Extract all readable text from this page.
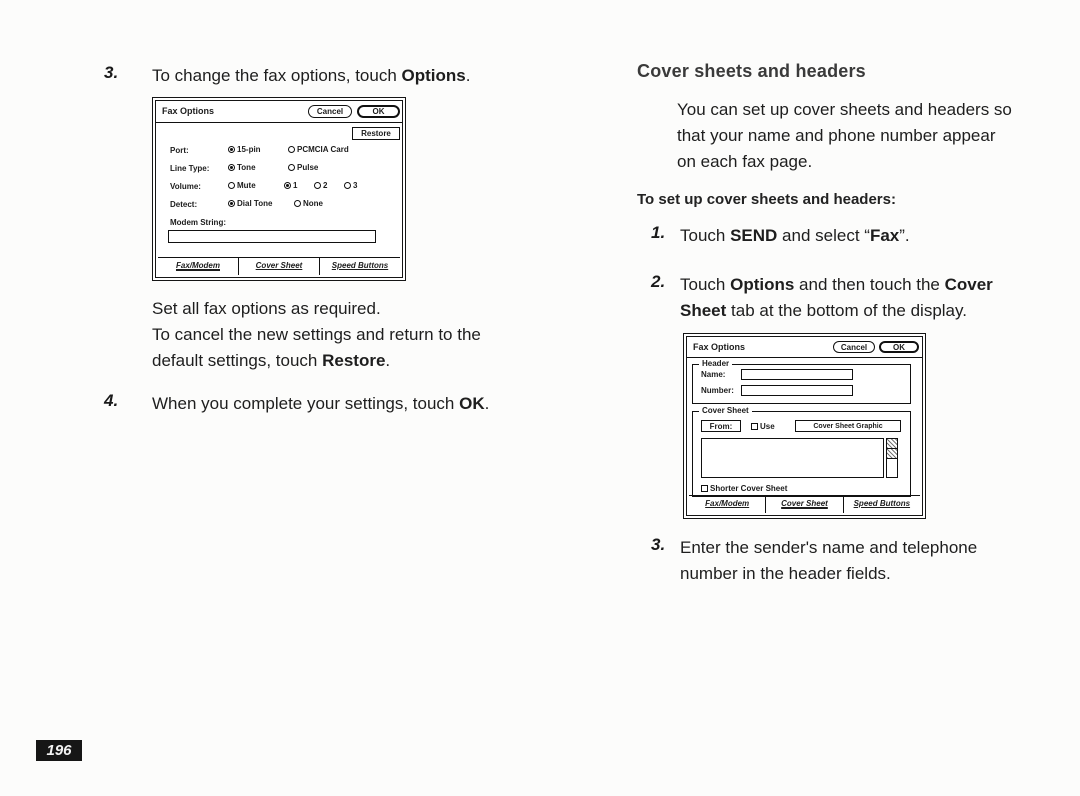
3. To change the fax options, touch Options.
Fax Options	Cancel	OK
Restore
Port:	15-pin	PCMCIA Card
Line Type:	Tone	Pulse
Volume:	Mute	1	2	3
Detect:	Dial Tone	None
Modem String:
Fax/Modem	Cover Sheet	Speed Buttons
Set all fax options as required.
To cancel the new settings and return to the default settings, touch Restore.
4. When you complete your settings, touch OK.
Cover sheets and headers
You can set up cover sheets and headers so that your name and phone number appear on each fax page.
To set up cover sheets and headers:
1. Touch SEND and select “Fax”.
2. Touch Options and then touch the Cover Sheet tab at the bottom of the display.
Fax Options	Cancel	OK
Header
Name:
Number:
Cover Sheet
From:	Use	Cover Sheet Graphic
Shorter Cover Sheet
Fax/Modem	Cover Sheet	Speed Buttons
3. Enter the sender's name and telephone number in the header fields.
196
